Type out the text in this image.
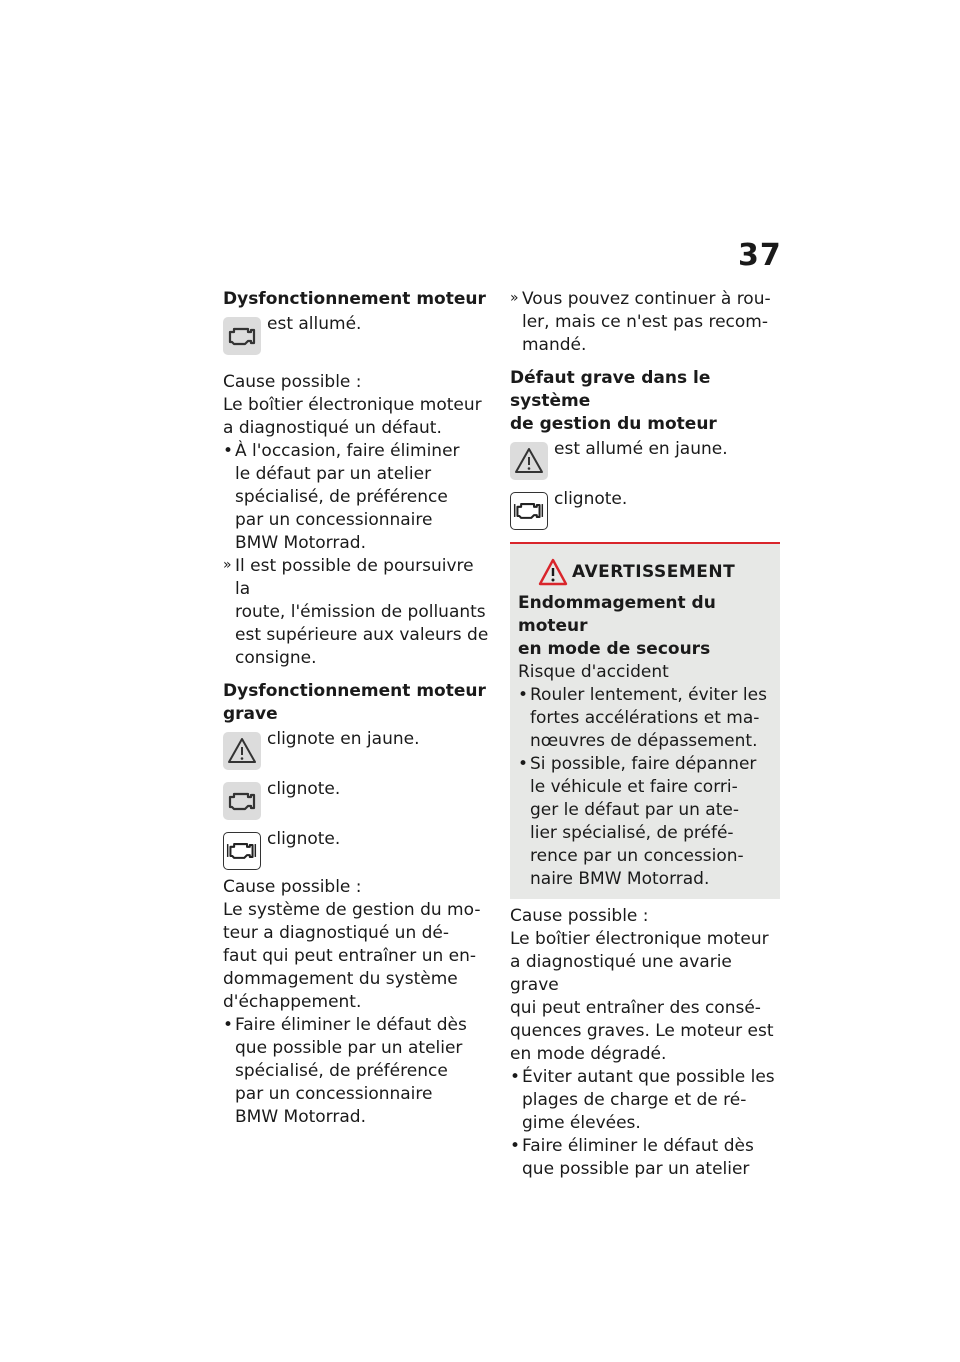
37
Dysfonctionnement moteur
est allumé.
Cause possible :
Le boîtier électronique moteur
a diagnostiqué un défaut.
• À l'occasion, faire éliminer
le défaut par un atelier
spécialisé, de préférence
par un concessionnaire
BMW Motorrad.
» Il est possible de poursuivre la
route, l'émission de polluants
est supérieure aux valeurs de
consigne.
Dysfonctionnement moteur
grave
clignote en jaune.
clignote.
clignote.
Cause possible :
Le système de gestion du mo-
teur a diagnostiqué un dé-
faut qui peut entraîner un en-
dommagement du système
d'échappement.
• Faire éliminer le défaut dès
que possible par un atelier
spécialisé, de préférence
par un concessionnaire
BMW Motorrad.
» Vous pouvez continuer à rou-
ler, mais ce n'est pas recom-
mandé.
Défaut grave dans le système
de gestion du moteur
est allumé en jaune.
clignote.
AVERTISSEMENT
Endommagement du moteur
en mode de secours
Risque d'accident
• Rouler lentement, éviter les
fortes accélérations et ma-
nœuvres de dépassement.
• Si possible, faire dépanner
le véhicule et faire corri-
ger le défaut par un ate-
lier spécialisé, de préfé-
rence par un concession-
naire BMW Motorrad.
Cause possible :
Le boîtier électronique moteur
a diagnostiqué une avarie grave
qui peut entraîner des consé-
quences graves. Le moteur est
en mode dégradé.
• Éviter autant que possible les
plages de charge et de ré-
gime élevées.
• Faire éliminer le défaut dès
que possible par un atelier
